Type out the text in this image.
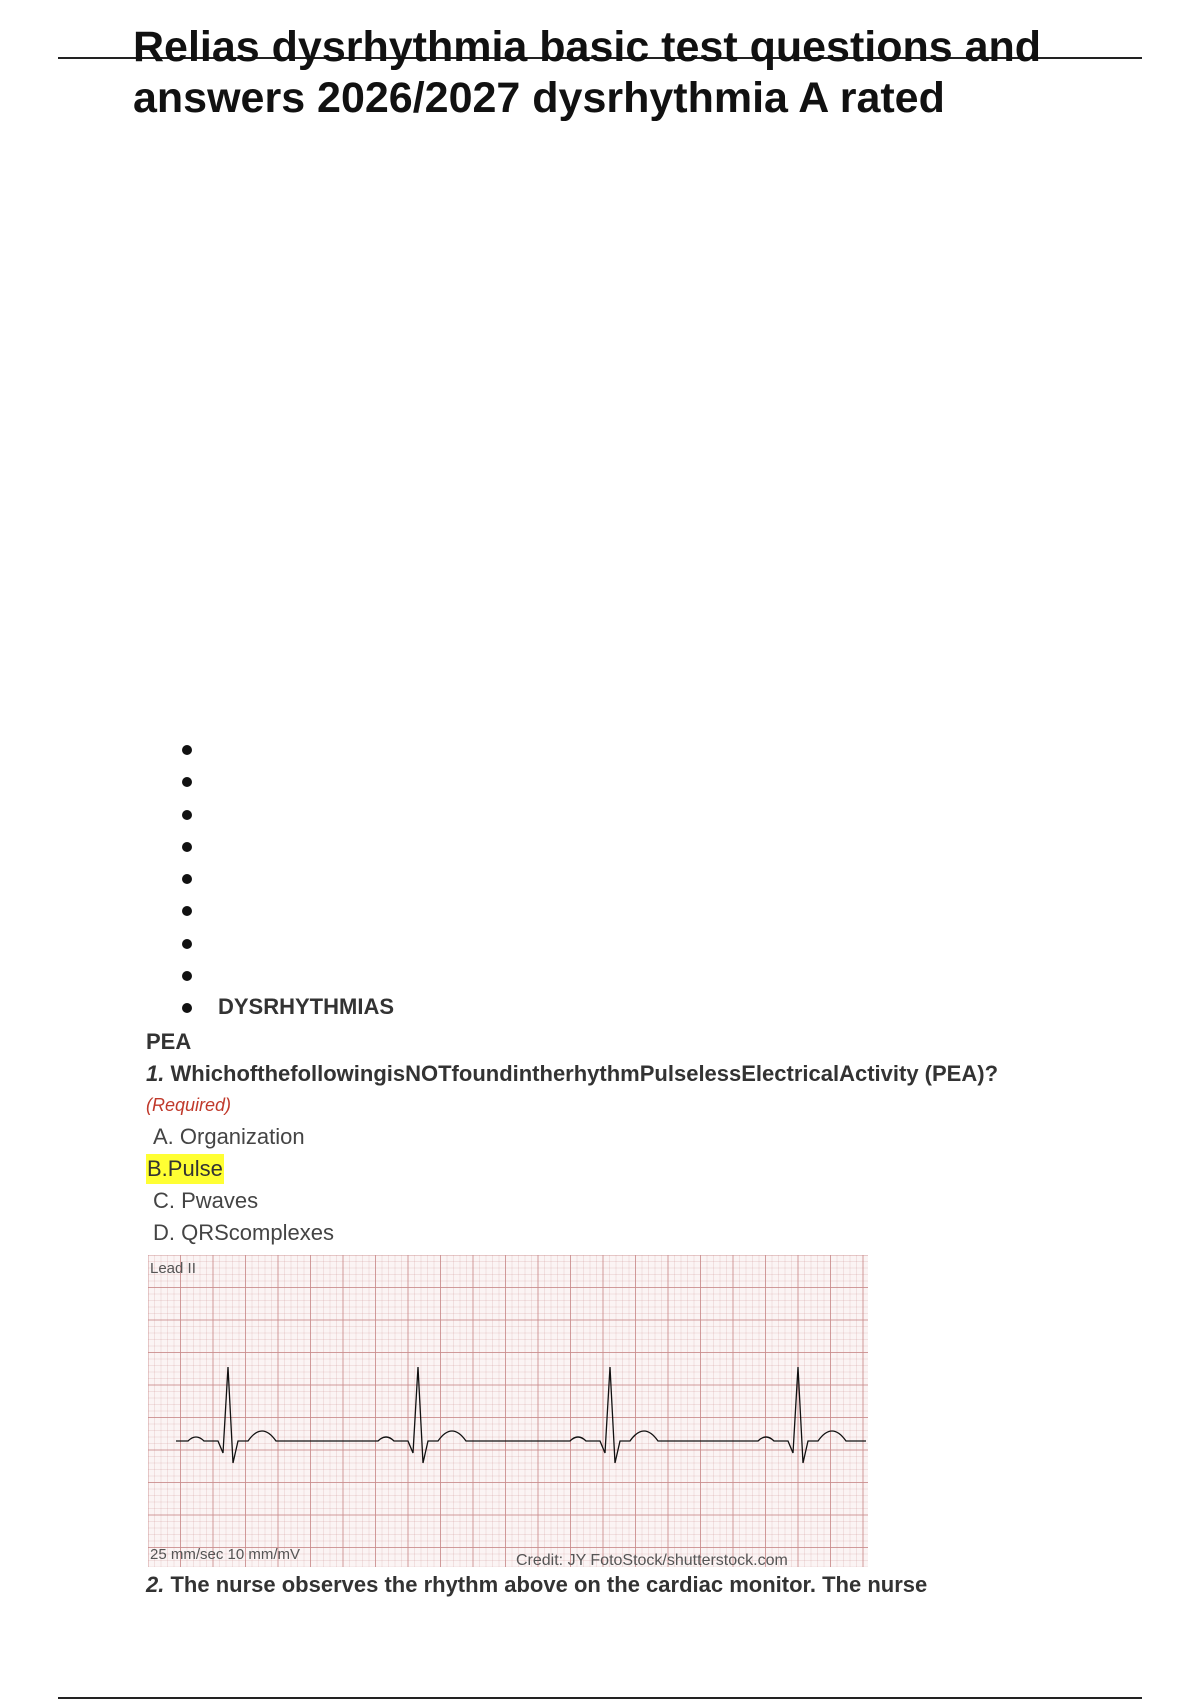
Relias dysrhythmia basic test questions and answers 2026/2027 dysrhythmia A rated
DYSRHYTHMIAS
PEA
1. WhichofthefollowingisNOTfoundintherhythmPulselessElectricalActivity (PEA)?(Required)
A. Organization
B.Pulse
C. Pwaves
D. QRScomplexes
Lead II
25 mm/sec 10 mm/mV	Credit: JY FotoStock/shutterstock.com
2. The nurse observes the rhythm above on the cardiac monitor. The nurse
